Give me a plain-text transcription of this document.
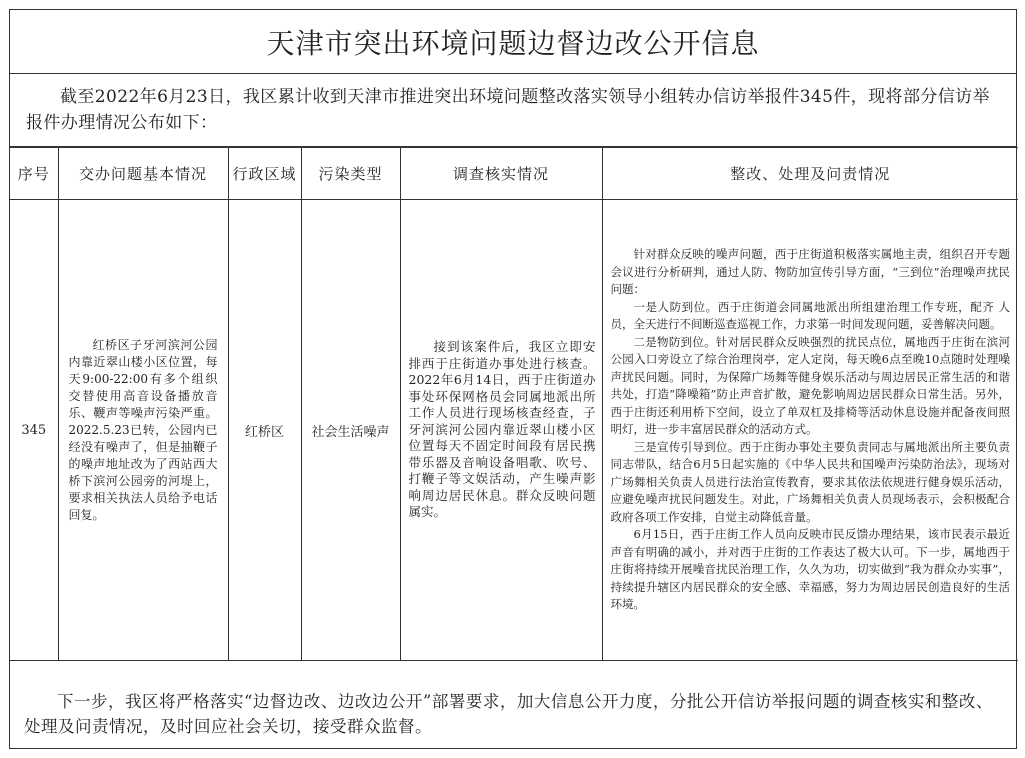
天津市突出环境问题边督边改公开信息
截至2022年6月23日，我区累计收到天津市推进突出环境问题整改落实领导小组转办信访举报件345件，现将部分信访举报件办理情况公布如下：
序号	交办问题基本情况	行政区域	污染类型	调查核实情况	整改、处理及问责情况
345	红桥区子牙河滨河公园内靠近翠山楼小区位置，每天9:00-22:00有多个组织交替使用高音设备播放音乐、鞭声等噪声污染严重。2022.5.23已转，公园内已经没有噪声了，但是抽鞭子的噪声地址改为了西站西大桥下滨河公园旁的河堤上，要求相关执法人员给予电话回复。	红桥区	社会生活噪声	接到该案件后，我区立即安排西于庄街道办事处进行核查。2022年6月14日，西于庄街道办事处环保网格员会同属地派出所工作人员进行现场核查经查，子牙河滨河公园内靠近翠山楼小区位置每天不固定时间段有居民携带乐器及音响设备唱歌、吹号、打鞭子等文娱活动，产生噪声影响周边居民休息。群众反映问题属实。	针对群众反映的噪声问题，西于庄街道积极落实属地主责，组织召开专题会议进行分析研判，通过人防、物防加宣传引导方面，“三到位”治理噪声扰民问题：

一是人防到位。西于庄街道会同属地派出所组建治理工作专班，配齐 人员，全天进行不间断巡查巡视工作，力求第一时间发现问题，妥善解决问题。

二是物防到位。针对居民群众反映强烈的扰民点位，属地西于庄街在滨河公园入口旁设立了综合治理岗亭，定人定岗，每天晚6点至晚10点随时处理噪声扰民问题。同时，为保障广场舞等健身娱乐活动与周边居民正常生活的和谐共处，打造“降噪箱”防止声音扩散，避免影响周边居民群众日常生活。另外，西于庄街还利用桥下空间，设立了单双杠及排椅等活动休息设施并配备夜间照明灯，进一步丰富居民群众的活动方式。

三是宣传引导到位。西于庄街办事处主要负责同志与属地派出所主要负责同志带队，结合6月5日起实施的《中华人民共和国噪声污染防治法》，现场对广场舞相关负责人员进行法治宣传教育，要求其依法依规进行健身娱乐活动，应避免噪声扰民问题发生。对此，广场舞相关负责人员现场表示，会积极配合政府各项工作安排，自觉主动降低音量。

6月15日，西于庄街工作人员向反映市民反馈办理结果，该市民表示最近声音有明确的减小，并对西于庄街的工作表达了极大认可。下一步，属地西于庄街将持续开展噪音扰民治理工作，久久为功，切实做到“我为群众办实事”，持续提升辖区内居民群众的安全感、幸福感，努力为周边居民创造良好的生活环境。

下一步，我区将严格落实“边督边改、边改边公开”部署要求，加大信息公开力度，分批公开信访举报问题的调查核实和整改、处理及问责情况，及时回应社会关切，接受群众监督。
